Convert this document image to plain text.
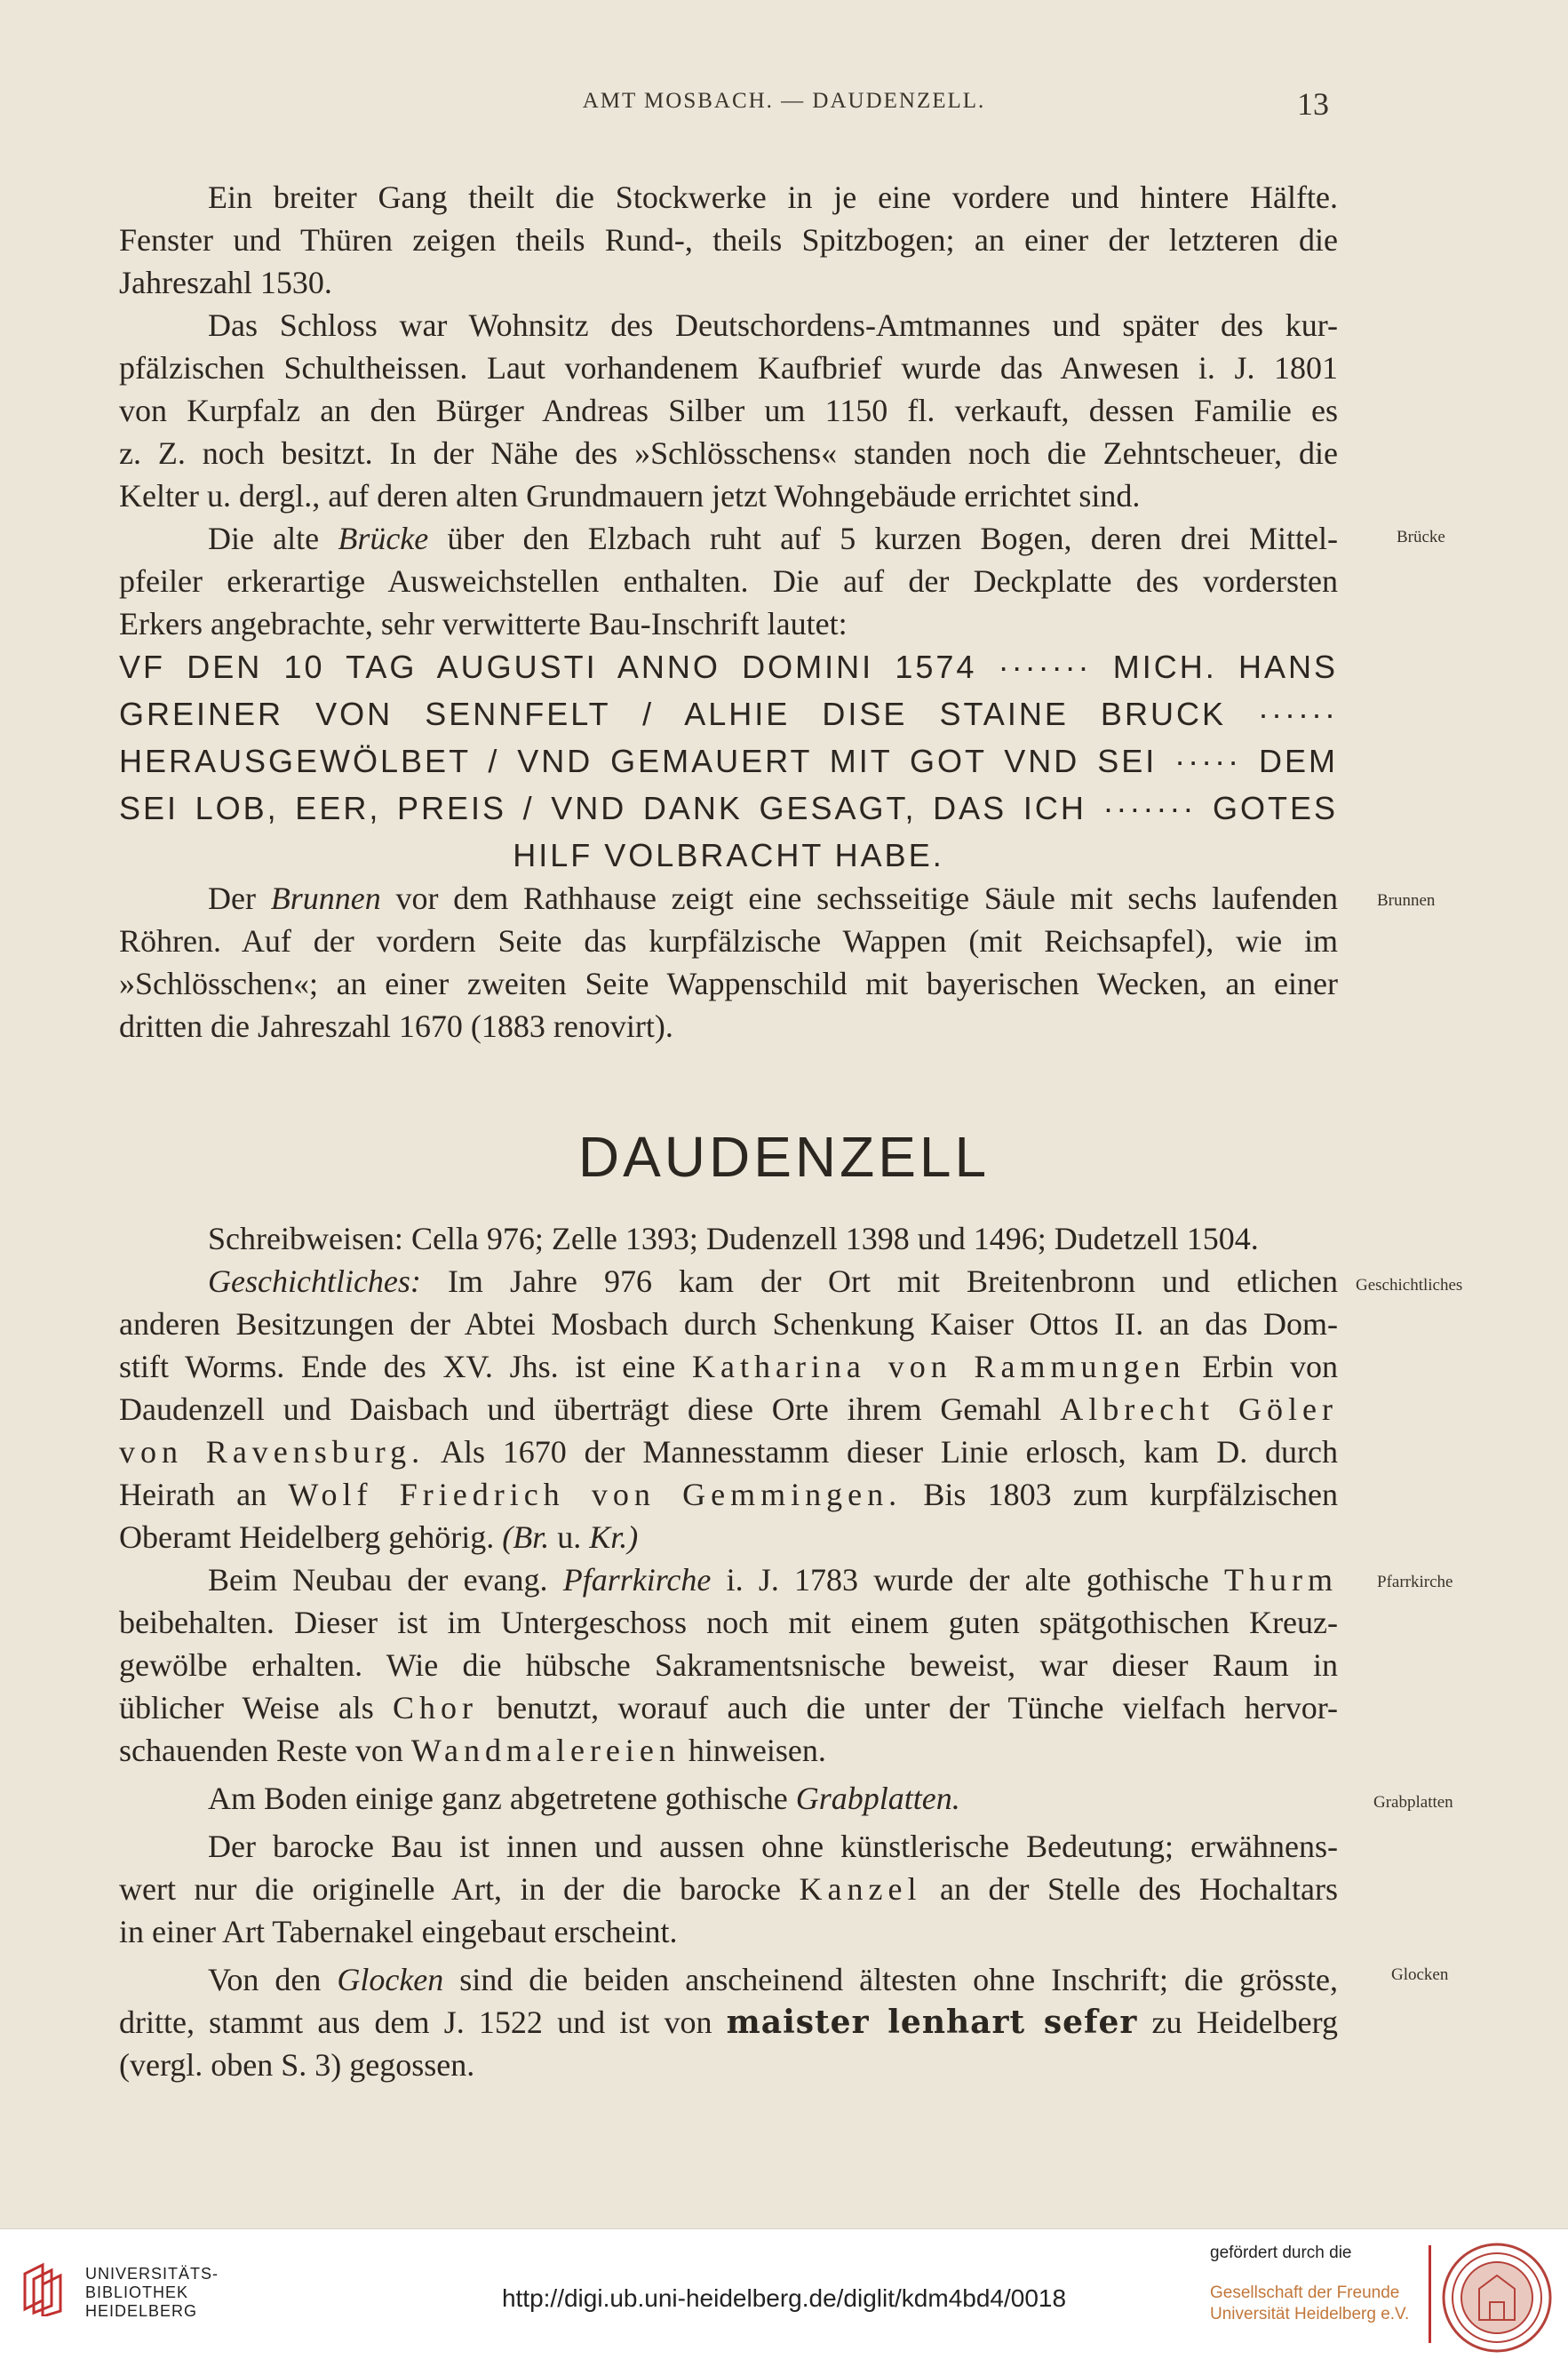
AMT MOSBACH. — DAUDENZELL.	13

Ein breiter Gang theilt die Stockwerke in je eine vordere und hintere Hälfte.
Fenster und Thüren zeigen theils Rund-, theils Spitzbogen; an einer der letzteren die
Jahreszahl 1530.

Das Schloss war Wohnsitz des Deutschordens-Amtmannes und später des kur-
pfälzischen Schultheissen. Laut vorhandenem Kaufbrief wurde das Anwesen i. J. 1801
von Kurpfalz an den Bürger Andreas Silber um 1150 fl. verkauft, dessen Familie es
z. Z. noch besitzt. In der Nähe des »Schlösschens« standen noch die Zehntscheuer, die
Kelter u. dergl., auf deren alten Grundmauern jetzt Wohngebäude errichtet sind.

Die alte Brücke über den Elzbach ruht auf 5 kurzen Bogen, deren drei Mittel-
pfeiler erkerartige Ausweichstellen enthalten. Die auf der Deckplatte des vordersten
Erkers angebrachte, sehr verwitterte Bau-Inschrift lautet:

VF DEN 10 TAG AUGUSTI ANNO DOMINI 1574 ······· MICH. HANS
GREINER VON SENNFELT / ALHIE DISE STAINE BRUCK ······
HERAUSGEWÖLBET / VND GEMAUERT MIT GOT VND SEI ····· DEM
SEI LOB, EER, PREIS / VND DANK GESAGT, DAS ICH ······· GOTES
HILF VOLBRACHT HABE.

Der Brunnen vor dem Rathhause zeigt eine sechsseitige Säule mit sechs laufenden
Röhren. Auf der vordern Seite das kurpfälzische Wappen (mit Reichsapfel), wie im
»Schlösschen«; an einer zweiten Seite Wappenschild mit bayerischen Wecken, an einer
dritten die Jahreszahl 1670 (1883 renovirt).

DAUDENZELL

Schreibweisen: Cella 976; Zelle 1393; Dudenzell 1398 und 1496; Dudetzell 1504.

Geschichtliches: Im Jahre 976 kam der Ort mit Breitenbronn und etlichen
anderen Besitzungen der Abtei Mosbach durch Schenkung Kaiser Ottos II. an das Dom-
stift Worms. Ende des XV. Jhs. ist eine Katharina von Rammungen Erbin von
Daudenzell und Daisbach und überträgt diese Orte ihrem Gemahl Albrecht Göler
von Ravensburg. Als 1670 der Mannesstamm dieser Linie erlosch, kam D. durch
Heirath an Wolf Friedrich von Gemmingen. Bis 1803 zum kurpfälzischen
Oberamt Heidelberg gehörig. (Br. u. Kr.)

Beim Neubau der evang. Pfarrkirche i. J. 1783 wurde der alte gothische Thurm
beibehalten. Dieser ist im Untergeschoss noch mit einem guten spätgothischen Kreuz-
gewölbe erhalten. Wie die hübsche Sakramentsnische beweist, war dieser Raum in
üblicher Weise als Chor benutzt, worauf auch die unter der Tünche vielfach hervor-
schauenden Reste von Wandmalereien hinweisen.

Am Boden einige ganz abgetretene gothische Grabplatten.

Der barocke Bau ist innen und aussen ohne künstlerische Bedeutung; erwähnens-
wert nur die originelle Art, in der die barocke Kanzel an der Stelle des Hochaltars
in einer Art Tabernakel eingebaut erscheint.

Von den Glocken sind die beiden anscheinend ältesten ohne Inschrift; die grösste,
dritte, stammt aus dem J. 1522 und ist von maister lenhart sefer zu Heidelberg
(vergl. oben S. 3) gegossen.

Brücke
Brunnen
Geschichtliches
Pfarrkirche
Grabplatten
Glocken
UNIVERSITÄTS-
BIBLIOTHEK
HEIDELBERG	http://digi.ub.uni-heidelberg.de/diglit/kdm4bd4/0018
gefördert durch die
Gesellschaft der Freunde
Universität Heidelberg e.V.
